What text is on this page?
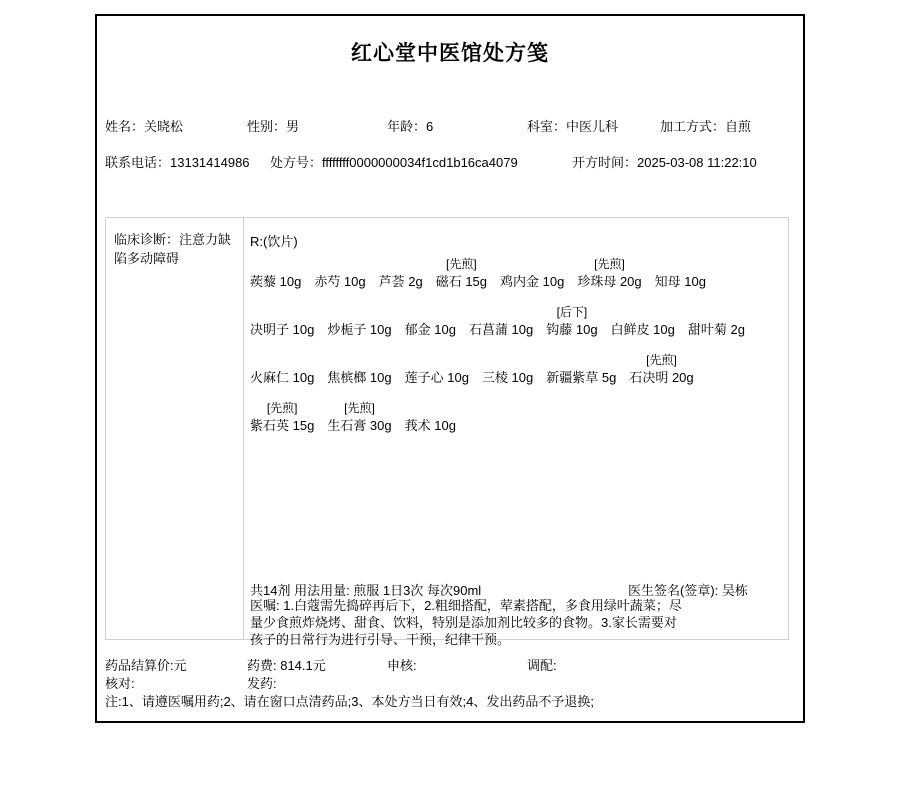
红心堂中医馆处方笺
姓名：关晓松	性别：男	年龄：6	科室：中医儿科	加工方式：自煎
联系电话：13131414986 处方号：ffffffff0000000034f1cd1b16ca4079	开方时间：2025-03-08 11:22:10
临床诊断：注意力缺陷多动障碍
R:(饮片)

蒺藜 10g
赤芍 10g
芦荟 2g
[先煎]
磁石 15g
鸡内金 10g
[先煎]
珍珠母 20g
知母 10g

决明子 10g
炒栀子 10g
郁金 10g
石菖蒲 10g
[后下]
钩藤 10g
白鲜皮 10g
甜叶菊 2g

火麻仁 10g
焦槟榔 10g
莲子心 10g
三棱 10g
新疆紫草 5g
[先煎]
石决明 20g
[先煎]
紫石英 15g
[先煎]
生石膏 30g
莪术 10g
共14剂 用法用量: 煎服 1日3次 每次90ml	医生签名(签章): 吴栋
医嘱: 1.白蔻需先捣碎再后下，2.粗细搭配，荤素搭配，多食用绿叶蔬菜；尽量少食煎炸烧烤、甜食、饮料，特别是添加剂比较多的食物。3.家长需要对孩子的日常行为进行引导、干预，纪律干预。
药品结算价:元	药费: 814.1元	申核:	调配:
核对:	发药:
注:1、请遵医嘱用药;2、请在窗口点清药品;3、本处方当日有效;4、发出药品不予退换;
